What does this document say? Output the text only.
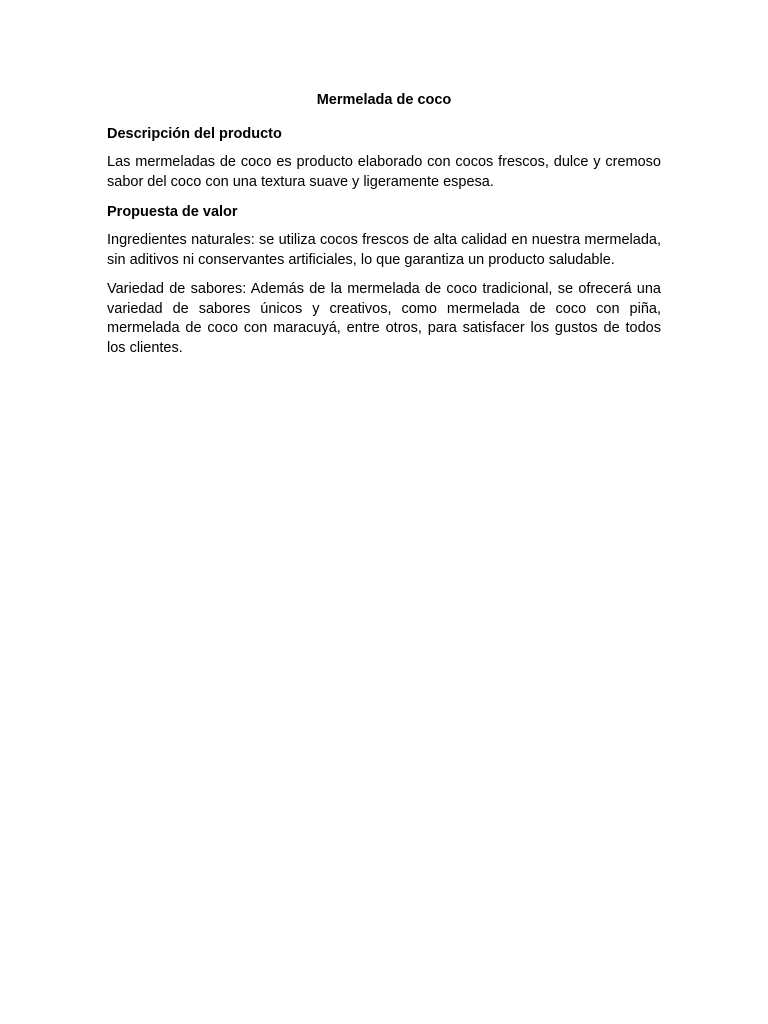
Mermelada de coco
Descripción del producto

Las mermeladas de coco es producto elaborado con cocos frescos, dulce y cremoso sabor del coco con una textura suave y ligeramente espesa.

Propuesta de valor

Ingredientes naturales: se utiliza cocos frescos de alta calidad en nuestra mermelada, sin aditivos ni conservantes artificiales, lo que garantiza un producto saludable.

Variedad de sabores: Además de la mermelada de coco tradicional, se ofrecerá una variedad de sabores únicos y creativos, como mermelada de coco con piña, mermelada de coco con maracuyá, entre otros, para satisfacer los gustos de todos los clientes.
